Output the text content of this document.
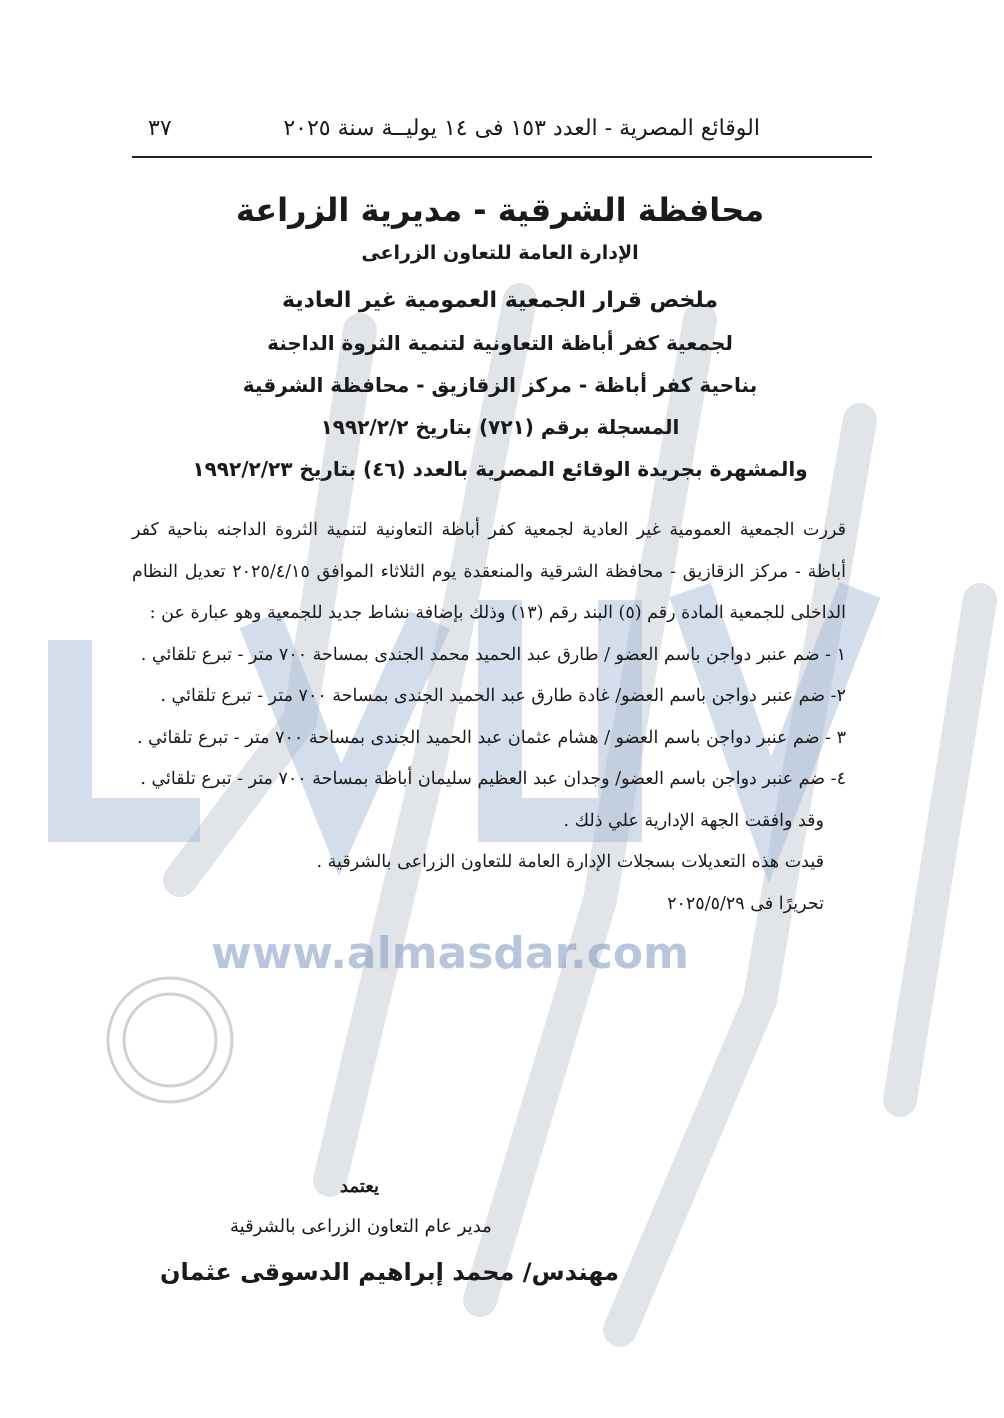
www.almasdar.com
الوقائع المصرية - العدد ١٥٣ فى ١٤ يوليــة سنة ٢٠٢٥
٣٧
محافظة الشرقية - مديرية الزراعة
الإدارة العامة للتعاون الزراعى
ملخص قرار الجمعية العمومية غير العادية
لجمعية كفر أباظة التعاونية لتنمية الثروة الداجنة
بناحية كفر أباظة - مركز الزقازيق - محافظة الشرقية
المسجلة برقم (٧٢١) بتاريخ ١٩٩٢/٢/٢
والمشهرة بجريدة الوقائع المصرية بالعدد (٤٦) بتاريخ ١٩٩٢/٢/٢٣

قررت الجمعية العمومية غير العادية لجمعية كفر أباظة التعاونية لتنمية الثروة الداجنه بناحية كفر أباظة - مركز الزقازيق - محافظة الشرقية والمنعقدة يوم الثلاثاء الموافق ٢٠٢٥/٤/١٥ تعديل النظام الداخلى للجمعية المادة رقم (٥) البند رقم (١٣) وذلك بإضافة نشاط جديد للجمعية وهو عبارة عن :

١ - ضم عنبر دواجن باسم العضو / طارق عبد الحميد محمد الجندى بمساحة ٧٠٠ متر - تبرع تلقائي .

٢- ضم عنبر دواجن باسم العضو/ غادة طارق عبد الحميد الجندى بمساحة ٧٠٠ متر - تبرع تلقائي .

٣ - ضم عنبر دواجن باسم العضو / هشام عثمان عبد الحميد الجندى بمساحة ٧٠٠ متر - تبرع تلقائي .

٤- ضم عنبر دواجن باسم العضو/ وجدان عبد العظيم سليمان أباظة بمساحة ٧٠٠ متر - تبرع تلقائي .

وقد وافقت الجهة الإدارية علي ذلك .

قيدت هذه التعديلات بسجلات الإدارة العامة للتعاون الزراعى بالشرقية .

تحريرًا فى ٢٠٢٥/٥/٢٩

يعتمد
مدير عام التعاون الزراعى بالشرقية
مهندس/ محمد إبراهيم الدسوقى عثمان
